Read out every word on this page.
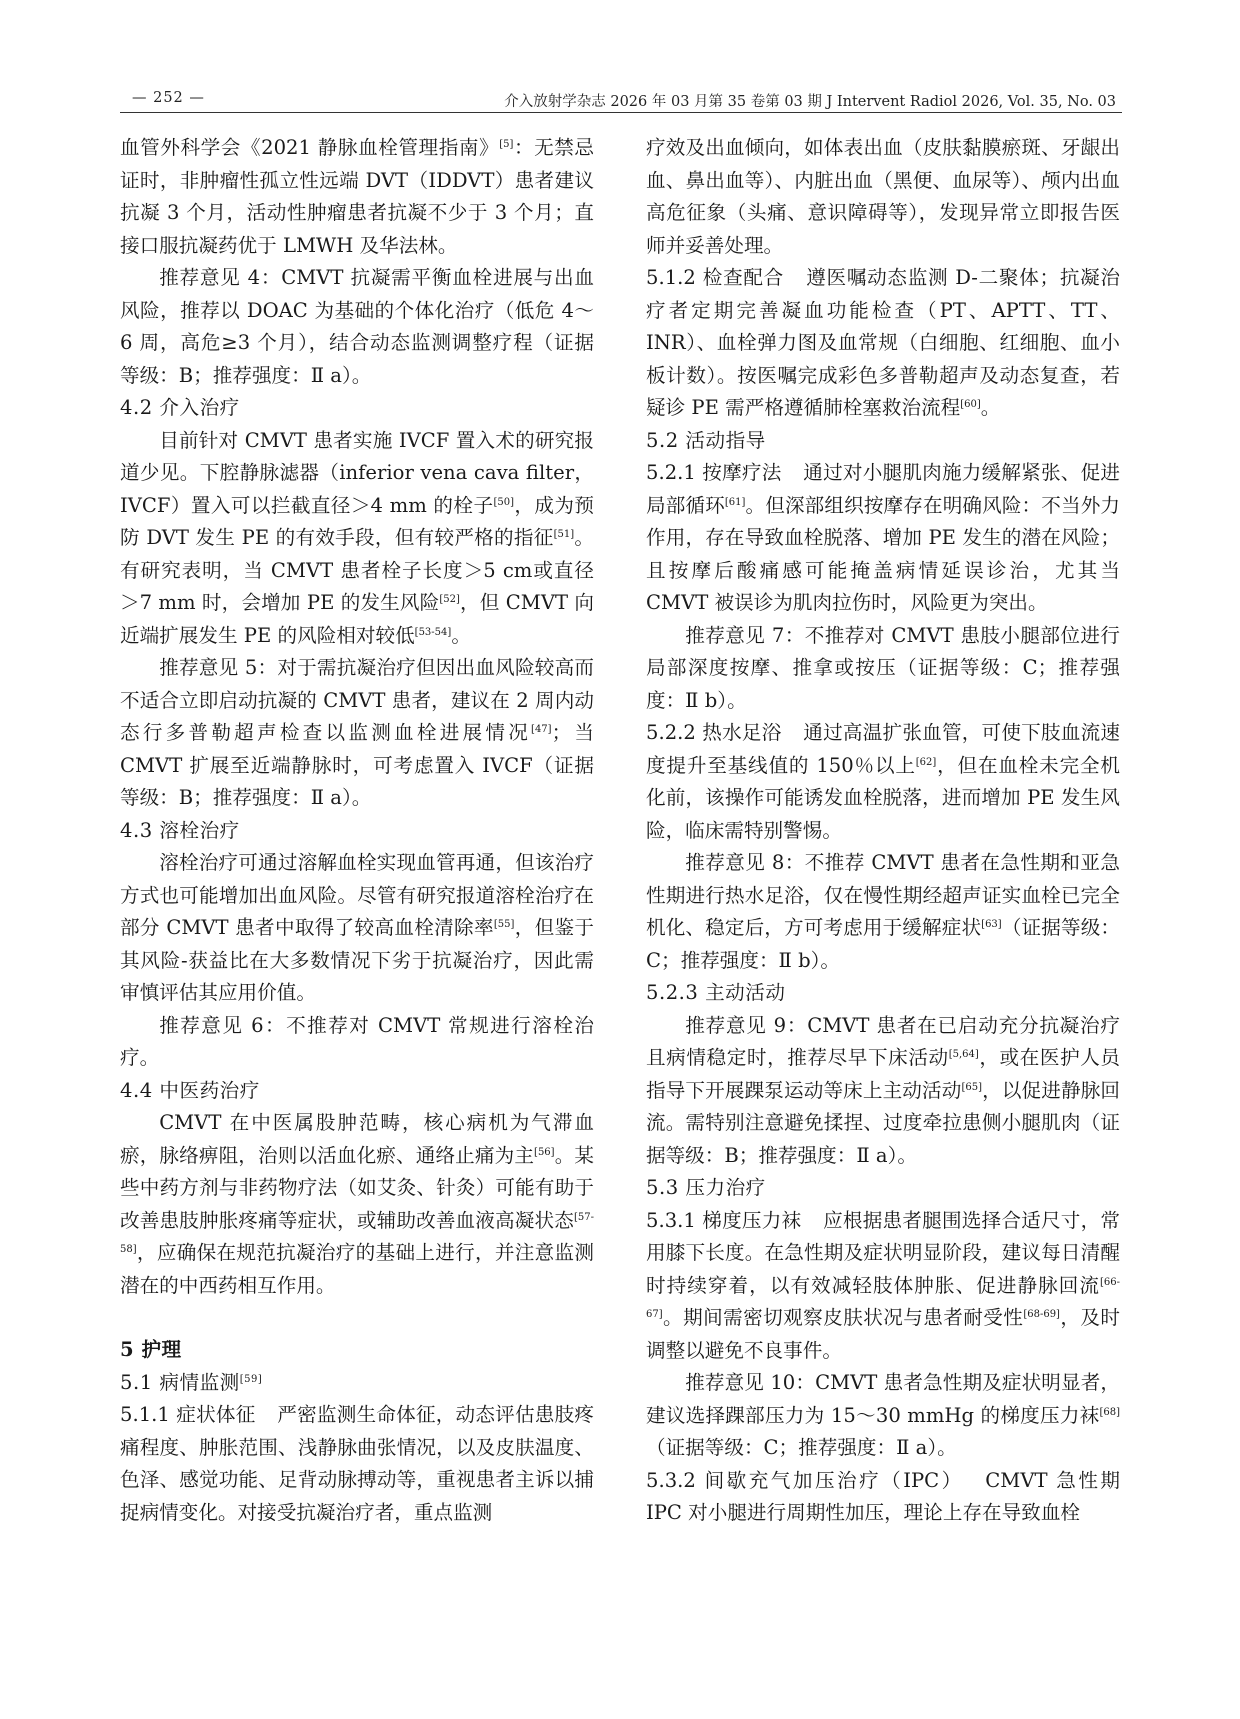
— 252 —	介入放射学杂志 2026 年 03 月第 35 卷第 03 期 J Intervent Radiol 2026, Vol. 35, No. 03

血管外科学会《2021 静脉血栓管理指南》[5]：无禁忌证时，非肿瘤性孤立性远端 DVT（IDDVT）患者建议抗凝 3 个月，活动性肿瘤患者抗凝不少于 3 个月；直接口服抗凝药优于 LMWH 及华法林。

推荐意见 4：CMVT 抗凝需平衡血栓进展与出血风险，推荐以 DOAC 为基础的个体化治疗（低危 4～6 周，高危≥3 个月），结合动态监测调整疗程（证据等级：B；推荐强度：Ⅱ a）。

4.2 介入治疗

目前针对 CMVT 患者实施 IVCF 置入术的研究报道少见。下腔静脉滤器（inferior vena cava filter，IVCF）置入可以拦截直径＞4 mm 的栓子[50]，成为预防 DVT 发生 PE 的有效手段，但有较严格的指征[51]。有研究表明，当 CMVT 患者栓子长度＞5 cm或直径＞7 mm 时，会增加 PE 的发生风险[52]，但 CMVT 向近端扩展发生 PE 的风险相对较低[53-54]。

推荐意见 5：对于需抗凝治疗但因出血风险较高而不适合立即启动抗凝的 CMVT 患者，建议在 2 周内动态行多普勒超声检查以监测血栓进展情况[47]；当 CMVT 扩展至近端静脉时，可考虑置入 IVCF（证据等级：B；推荐强度：Ⅱ a）。

4.3 溶栓治疗

溶栓治疗可通过溶解血栓实现血管再通，但该治疗方式也可能增加出血风险。尽管有研究报道溶栓治疗在部分 CMVT 患者中取得了较高血栓清除率[55]，但鉴于其风险-获益比在大多数情况下劣于抗凝治疗，因此需审慎评估其应用价值。

推荐意见 6：不推荐对 CMVT 常规进行溶栓治疗。

4.4 中医药治疗

CMVT 在中医属股肿范畴，核心病机为气滞血瘀，脉络痹阻，治则以活血化瘀、通络止痛为主[56]。某些中药方剂与非药物疗法（如艾灸、针灸）可能有助于改善患肢肿胀疼痛等症状，或辅助改善血液高凝状态[57-58]，应确保在规范抗凝治疗的基础上进行，并注意监测潜在的中西药相互作用。

5 护理

5.1 病情监测[59]

5.1.1 症状体征 严密监测生命体征，动态评估患肢疼痛程度、肿胀范围、浅静脉曲张情况，以及皮肤温度、色泽、感觉功能、足背动脉搏动等，重视患者主诉以捕捉病情变化。对接受抗凝治疗者，重点监测

疗效及出血倾向，如体表出血（皮肤黏膜瘀斑、牙龈出血、鼻出血等）、内脏出血（黑便、血尿等）、颅内出血高危征象（头痛、意识障碍等），发现异常立即报告医师并妥善处理。

5.1.2 检查配合 遵医嘱动态监测 D-二聚体；抗凝治疗者定期完善凝血功能检查（PT、APTT、TT、INR）、血栓弹力图及血常规（白细胞、红细胞、血小板计数）。按医嘱完成彩色多普勒超声及动态复查，若疑诊 PE 需严格遵循肺栓塞救治流程[60]。

5.2 活动指导

5.2.1 按摩疗法 通过对小腿肌肉施力缓解紧张、促进局部循环[61]。但深部组织按摩存在明确风险：不当外力作用，存在导致血栓脱落、增加 PE 发生的潜在风险；且按摩后酸痛感可能掩盖病情延误诊治，尤其当 CMVT 被误诊为肌肉拉伤时，风险更为突出。

推荐意见 7：不推荐对 CMVT 患肢小腿部位进行局部深度按摩、推拿或按压（证据等级：C；推荐强度：Ⅱ b）。

5.2.2 热水足浴 通过高温扩张血管，可使下肢血流速度提升至基线值的 150％以上[62]，但在血栓未完全机化前，该操作可能诱发血栓脱落，进而增加 PE 发生风险，临床需特别警惕。

推荐意见 8：不推荐 CMVT 患者在急性期和亚急性期进行热水足浴，仅在慢性期经超声证实血栓已完全机化、稳定后，方可考虑用于缓解症状[63]（证据等级：C；推荐强度：Ⅱ b）。

5.2.3 主动活动

推荐意见 9：CMVT 患者在已启动充分抗凝治疗且病情稳定时，推荐尽早下床活动[5,64]，或在医护人员指导下开展踝泵运动等床上主动活动[65]，以促进静脉回流。需特别注意避免揉捏、过度牵拉患侧小腿肌肉（证据等级：B；推荐强度：Ⅱ a）。

5.3 压力治疗

5.3.1 梯度压力袜 应根据患者腿围选择合适尺寸，常用膝下长度。在急性期及症状明显阶段，建议每日清醒时持续穿着，以有效减轻肢体肿胀、促进静脉回流[66-67]。期间需密切观察皮肤状况与患者耐受性[68-69]，及时调整以避免不良事件。

推荐意见 10：CMVT 患者急性期及症状明显者，建议选择踝部压力为 15～30 mmHg 的梯度压力袜[68]（证据等级：C；推荐强度：Ⅱ a）。

5.3.2 间歇充气加压治疗（IPC） CMVT 急性期 IPC 对小腿进行周期性加压，理论上存在导致血栓
